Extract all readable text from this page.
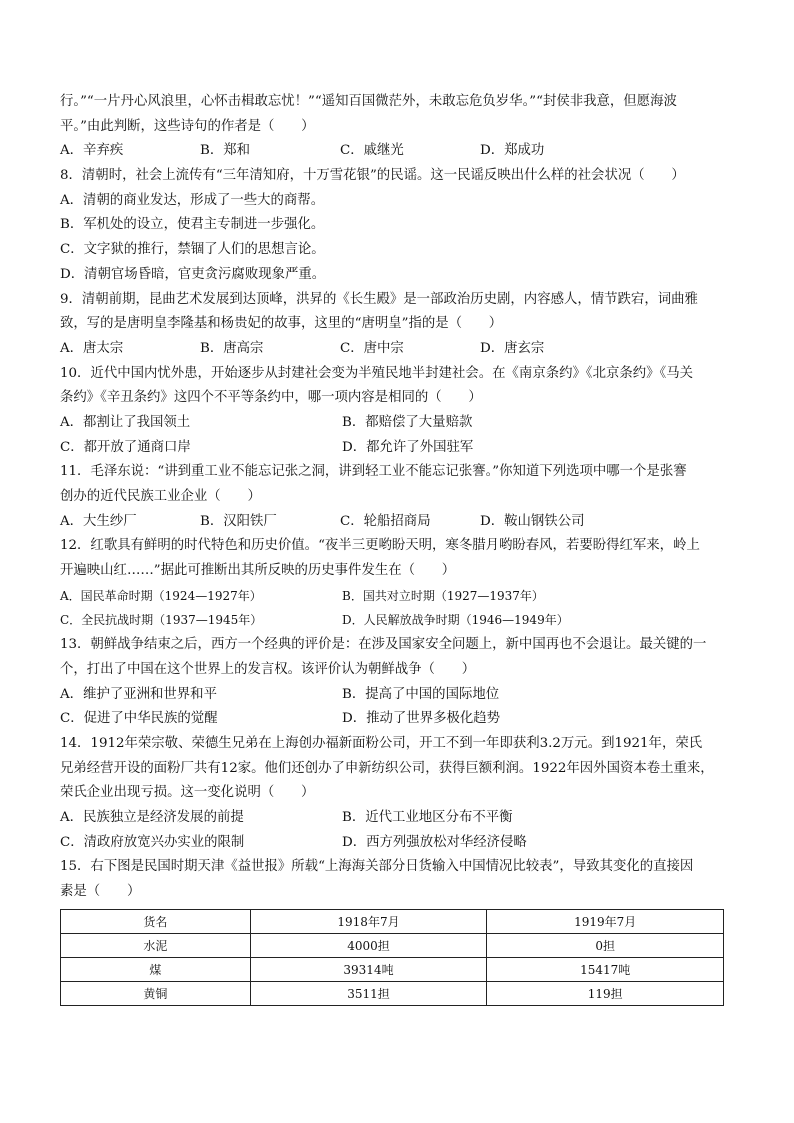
行。”“一片丹心风浪里，心怀击楫敢忘忧！”“遥知百国微茫外，未敢忘危负岁华。”“封侯非我意，但愿海波
平。”由此判断，这些诗句的作者是（　　）
A．辛弃疾	B．郑和	C．戚继光	D．郑成功
8．清朝时，社会上流传有“三年清知府，十万雪花银”的民谣。这一民谣反映出什么样的社会状况（　　）
A．清朝的商业发达，形成了一些大的商帮。
B．军机处的设立，使君主专制进一步强化。
C．文字狱的推行，禁锢了人们的思想言论。
D．清朝官场昏暗，官吏贪污腐败现象严重。
9．清朝前期，昆曲艺术发展到达顶峰，洪昇的《长生殿》是一部政治历史剧，内容感人，情节跌宕，词曲雅
致，写的是唐明皇李隆基和杨贵妃的故事，这里的“唐明皇”指的是（　　）
A．唐太宗	B．唐高宗	C．唐中宗	D．唐玄宗
10．近代中国内忧外患，开始逐步从封建社会变为半殖民地半封建社会。在《南京条约》《北京条约》《马关
条约》《辛丑条约》这四个不平等条约中，哪一项内容是相同的（　　）
A．都割让了我国领土	B．都赔偿了大量赔款
C．都开放了通商口岸	D．都允许了外国驻军
11．毛泽东说：“讲到重工业不能忘记张之洞，讲到轻工业不能忘记张謇。”你知道下列选项中哪一个是张謇
创办的近代民族工业企业（　　）
A．大生纱厂	B．汉阳铁厂	C．轮船招商局	D．鞍山钢铁公司
12．红歌具有鲜明的时代特色和历史价值。“夜半三更哟盼天明，寒冬腊月哟盼春风，若要盼得红军来，岭上
开遍映山红……”据此可推断出其所反映的历史事件发生在（　　）
A．国民革命时期（1924—1927年）	B．国共对立时期（1927—1937年）
C．全民抗战时期（1937—1945年）	D．人民解放战争时期（1946—1949年）
13．朝鲜战争结束之后，西方一个经典的评价是：在涉及国家安全问题上，新中国再也不会退让。最关键的一
个，打出了中国在这个世界上的发言权。该评价认为朝鲜战争（　　）
A．维护了亚洲和世界和平	B．提高了中国的国际地位
C．促进了中华民族的觉醒	D．推动了世界多极化趋势
14．1912年荣宗敬、荣德生兄弟在上海创办福新面粉公司，开工不到一年即获利3.2万元。到1921年，荣氏
兄弟经营开设的面粉厂共有12家。他们还创办了申新纺织公司，获得巨额利润。1922年因外国资本卷土重来，
荣氏企业出现亏损。这一变化说明（　　）
A．民族独立是经济发展的前提	B．近代工业地区分布不平衡
C．清政府放宽兴办实业的限制	D．西方列强放松对华经济侵略
15．右下图是民国时期天津《益世报》所载“上海海关部分日货输入中国情况比较表”，导致其变化的直接因
素是（　　）
货名	1918年7月	1919年7月
水泥	4000担	0担
煤	39314吨	15417吨
黄铜	3511担	119担
